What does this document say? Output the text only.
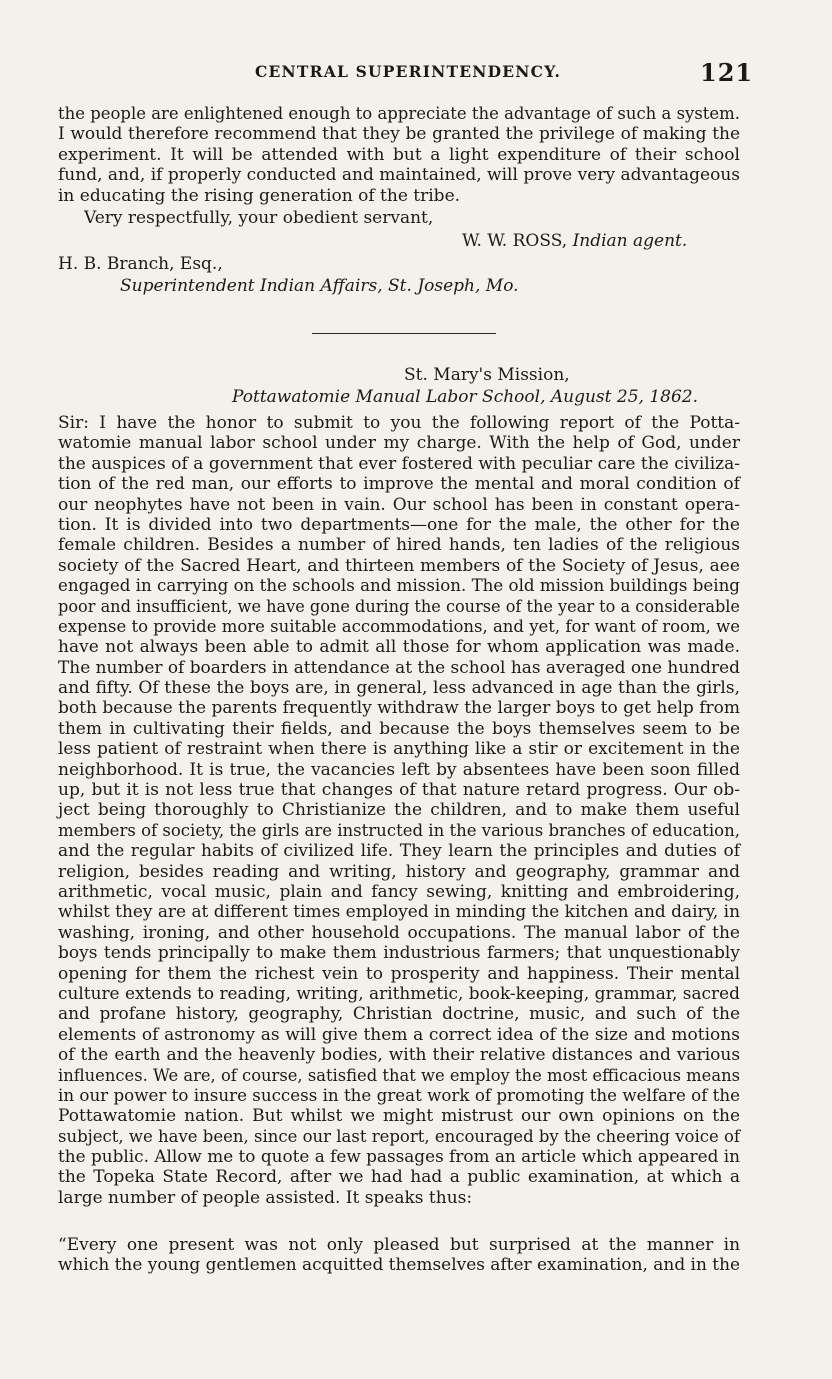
CENTRAL SUPERINTENDENCY.	121
the people are enlightened enough to appreciate the advantage of such a system.
I would therefore recommend that they be granted the privilege of making the
experiment. It will be attended with but a light expenditure of their school
fund, and, if properly conducted and maintained, will prove very advantageous
in educating the rising generation of the tribe.
Very respectfully, your obedient servant,
W. W. ROSS, Indian agent.
H. B. Branch, Esq.,
Superintendent Indian Affairs, St. Joseph, Mo.
St. Mary's Mission,
Pottawatomie Manual Labor School, August 25, 1862.
Sir: I have the honor to submit to you the following report of the Potta-
watomie manual labor school under my charge. With the help of God, under
the auspices of a government that ever fostered with peculiar care the civiliza-
tion of the red man, our efforts to improve the mental and moral condition of
our neophytes have not been in vain. Our school has been in constant opera-
tion. It is divided into two departments—one for the male, the other for the
female children. Besides a number of hired hands, ten ladies of the religious
society of the Sacred Heart, and thirteen members of the Society of Jesus, aee
engaged in carrying on the schools and mission. The old mission buildings being
poor and insufficient, we have gone during the course of the year to a considerable
expense to provide more suitable accommodations, and yet, for want of room, we
have not always been able to admit all those for whom application was made.
The number of boarders in attendance at the school has averaged one hundred
and fifty. Of these the boys are, in general, less advanced in age than the girls,
both because the parents frequently withdraw the larger boys to get help from
them in cultivating their fields, and because the boys themselves seem to be
less patient of restraint when there is anything like a stir or excitement in the
neighborhood. It is true, the vacancies left by absentees have been soon filled
up, but it is not less true that changes of that nature retard progress. Our ob-
ject being thoroughly to Christianize the children, and to make them useful
members of society, the girls are instructed in the various branches of education,
and the regular habits of civilized life. They learn the principles and duties of
religion, besides reading and writing, history and geography, grammar and
arithmetic, vocal music, plain and fancy sewing, knitting and embroidering,
whilst they are at different times employed in minding the kitchen and dairy, in
washing, ironing, and other household occupations. The manual labor of the
boys tends principally to make them industrious farmers; that unquestionably
opening for them the richest vein to prosperity and happiness. Their mental
culture extends to reading, writing, arithmetic, book-keeping, grammar, sacred
and profane history, geography, Christian doctrine, music, and such of the
elements of astronomy as will give them a correct idea of the size and motions
of the earth and the heavenly bodies, with their relative distances and various
influences. We are, of course, satisfied that we employ the most efficacious means
in our power to insure success in the great work of promoting the welfare of the
Pottawatomie nation. But whilst we might mistrust our own opinions on the
subject, we have been, since our last report, encouraged by the cheering voice of
the public. Allow me to quote a few passages from an article which appeared in
the Topeka State Record, after we had had a public examination, at which a
large number of people assisted. It speaks thus:
“Every one present was not only pleased but surprised at the manner in
which the young gentlemen acquitted themselves after examination, and in the
